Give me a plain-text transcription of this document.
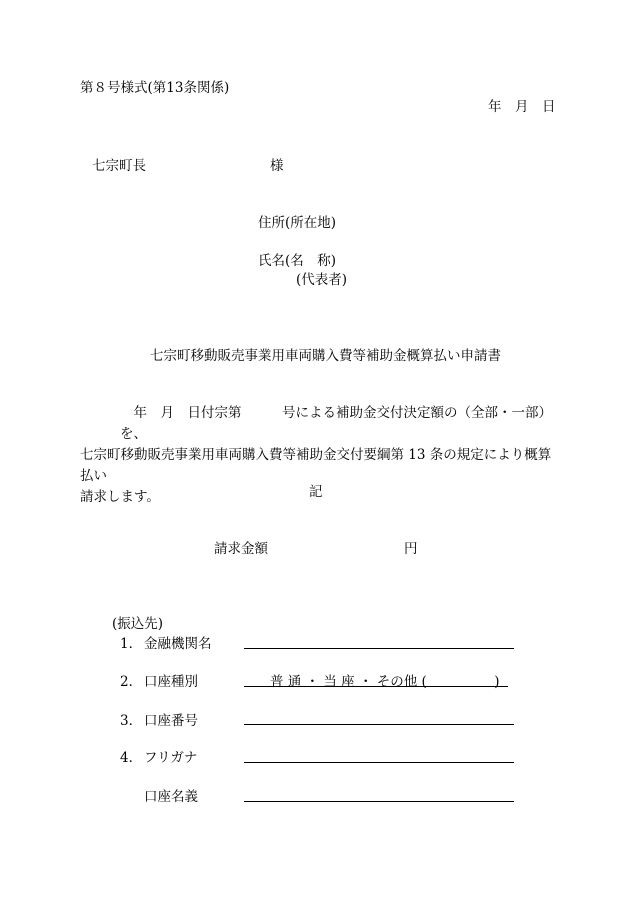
第８号様式(第13条関係)
年　月　日
七宗町長	様
住所(所在地)
氏名(名　称)
(代表者)
七宗町移動販売事業用車両購入費等補助金概算払い申請書
　年　月　日付宗第　　　号による補助金交付決定額の（全部・一部）を、
七宗町移動販売事業用車両購入費等補助金交付要綱第 13 条の規定により概算払い
請求します。	記
請求金額	円
(振込先)
1． 金融機関名
2． 口座種別	普 通 ・ 当 座 ・ その他 (　　　　　)
3． 口座番号
4． フリガナ
口座名義
